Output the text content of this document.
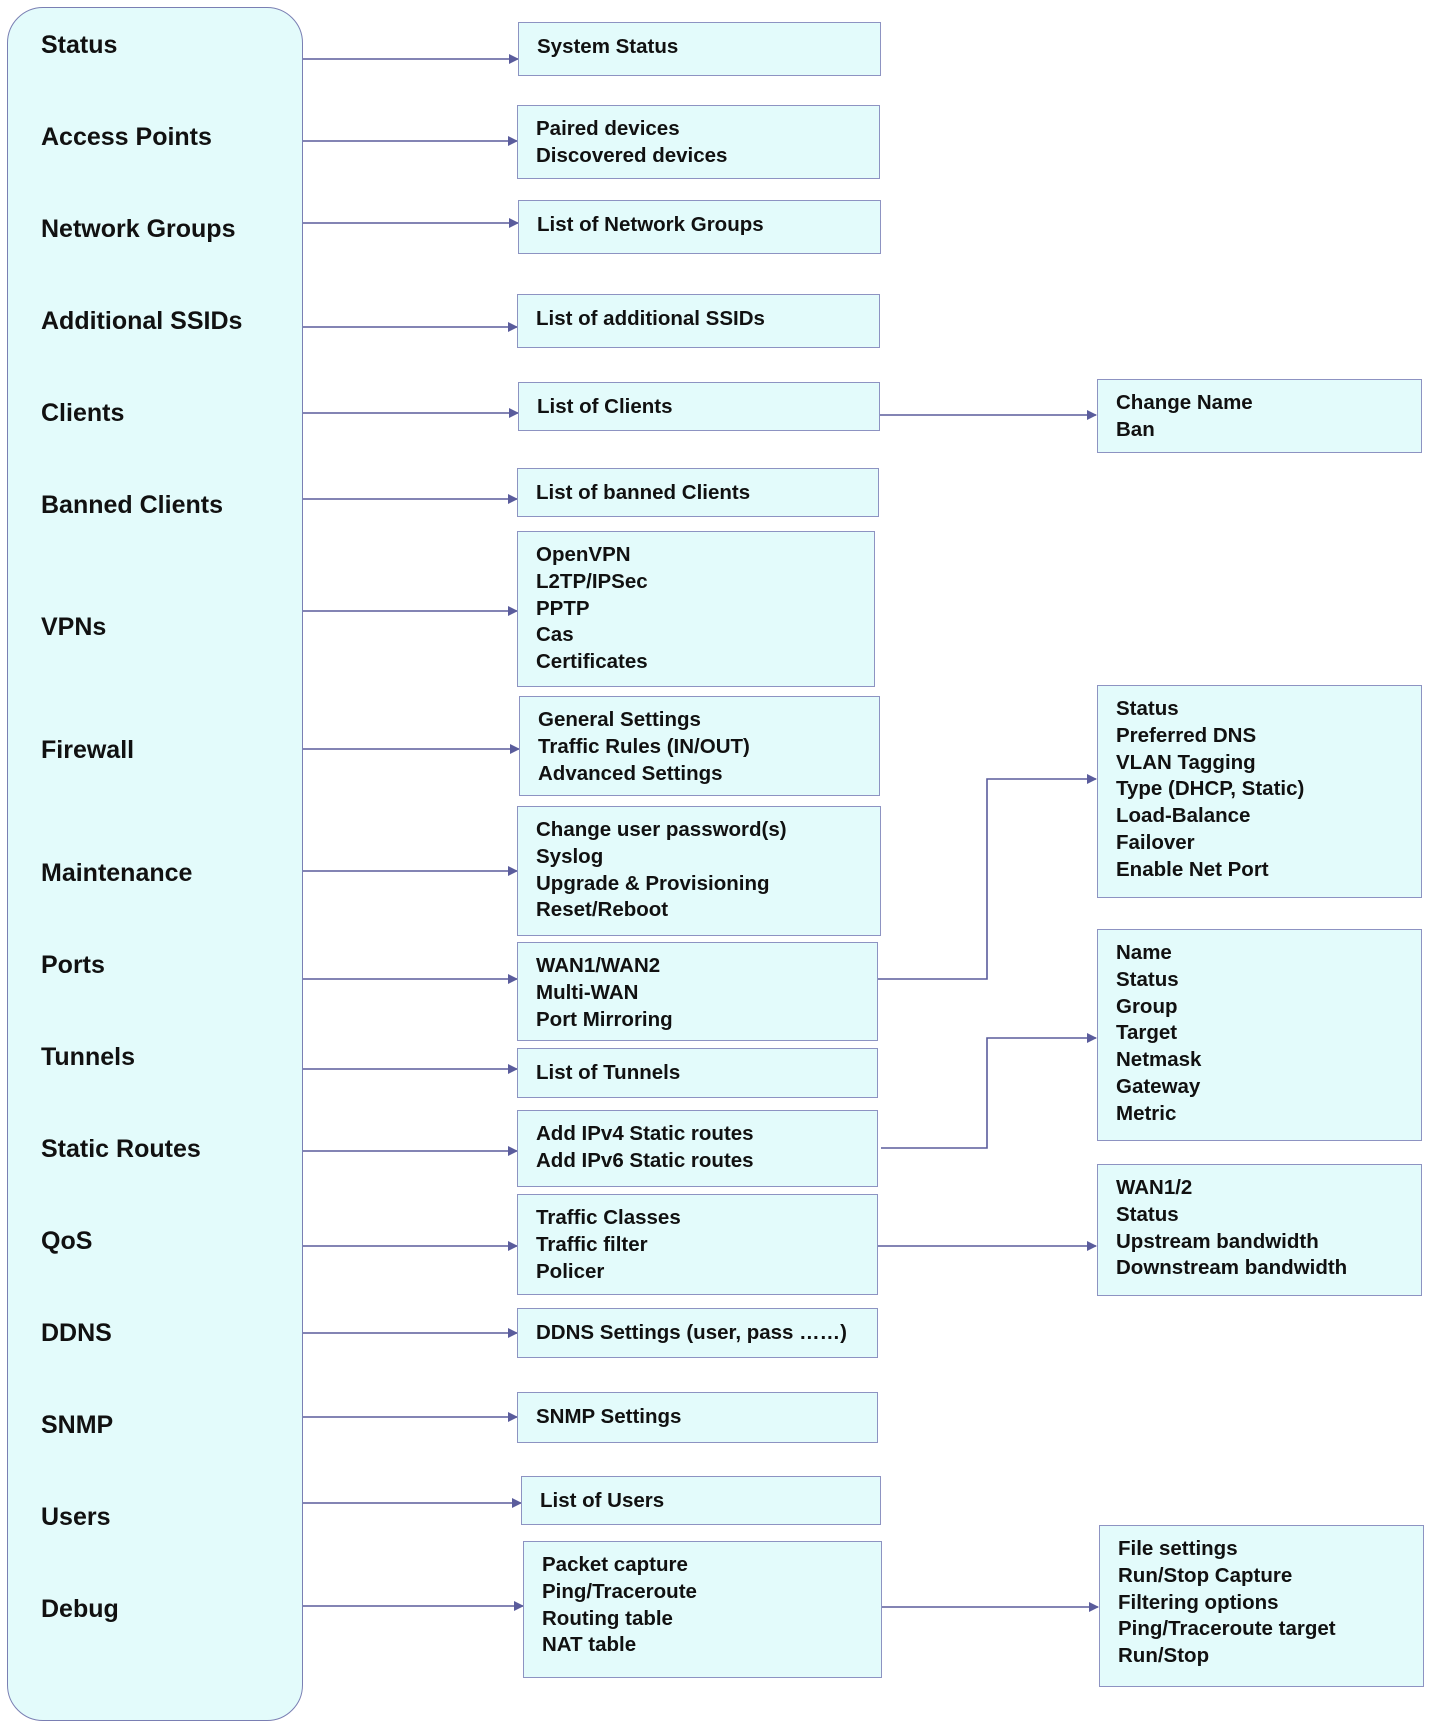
Status
Access Points
Network Groups
Additional SSIDs
Clients
Banned Clients
VPNs
Firewall
Maintenance
Ports
Tunnels
Static Routes
QoS
DDNS
SNMP
Users
Debug
System Status
Paired devices
Discovered devices
List of Network Groups
List of additional SSIDs
List of Clients
List of banned Clients
OpenVPN
L2TP/IPSec
PPTP
Cas
Certificates
General Settings
Traffic Rules (IN/OUT)
Advanced Settings
Change user password(s)
Syslog
Upgrade & Provisioning
Reset/Reboot
WAN1/WAN2
Multi-WAN
Port Mirroring
List of Tunnels
Add IPv4 Static routes
Add IPv6 Static routes
Traffic Classes
Traffic filter
Policer
DDNS Settings (user, pass ……)
SNMP Settings
List of Users
Packet capture
Ping/Traceroute
Routing table
NAT table
Change Name
Ban
Status
Preferred DNS
VLAN Tagging
Type (DHCP, Static)
Load-Balance
Failover
Enable Net Port
Name
Status
Group
Target
Netmask
Gateway
Metric
WAN1/2
Status
Upstream bandwidth
Downstream bandwidth
File settings
Run/Stop Capture
Filtering options
Ping/Traceroute target
Run/Stop
